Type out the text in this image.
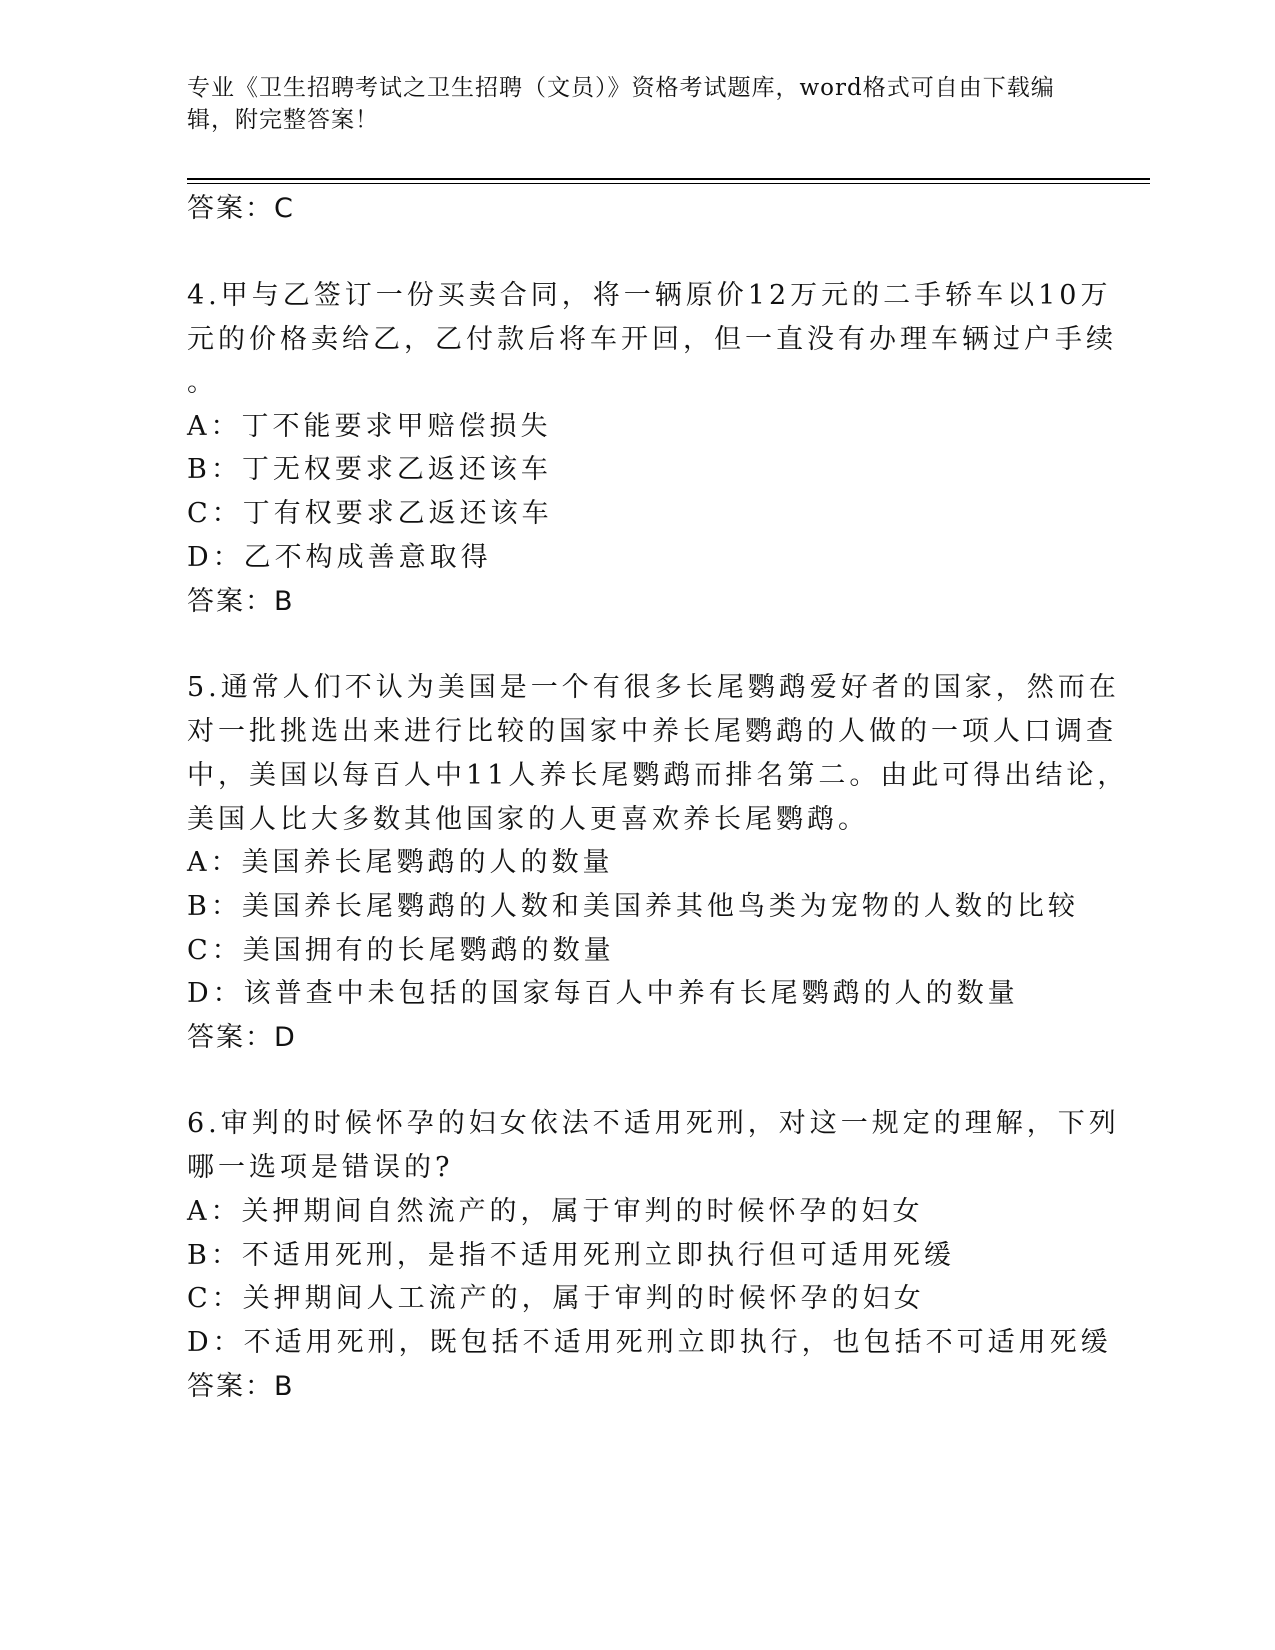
专业《卫生招聘考试之卫生招聘（文员）》资格考试题库，word格式可自由下载编辑，附完整答案！
答案：C
4.甲与乙签订一份买卖合同，将一辆原价12万元的二手轿车以10万
元的价格卖给乙，乙付款后将车开回，但一直没有办理车辆过户手续
。
A：丁不能要求甲赔偿损失
B：丁无权要求乙返还该车
C：丁有权要求乙返还该车
D：乙不构成善意取得
答案：B
5.通常人们不认为美国是一个有很多长尾鹦鹉爱好者的国家，然而在
对一批挑选出来进行比较的国家中养长尾鹦鹉的人做的一项人口调查
中，美国以每百人中11人养长尾鹦鹉而排名第二。由此可得出结论，
美国人比大多数其他国家的人更喜欢养长尾鹦鹉。
A：美国养长尾鹦鹉的人的数量
B：美国养长尾鹦鹉的人数和美国养其他鸟类为宠物的人数的比较
C：美国拥有的长尾鹦鹉的数量
D：该普查中未包括的国家每百人中养有长尾鹦鹉的人的数量
答案：D
6.审判的时候怀孕的妇女依法不适用死刑，对这一规定的理解，下列
哪一选项是错误的?
A：关押期间自然流产的，属于审判的时候怀孕的妇女
B：不适用死刑，是指不适用死刑立即执行但可适用死缓
C：关押期间人工流产的，属于审判的时候怀孕的妇女
D：不适用死刑，既包括不适用死刑立即执行，也包括不可适用死缓
答案：B
